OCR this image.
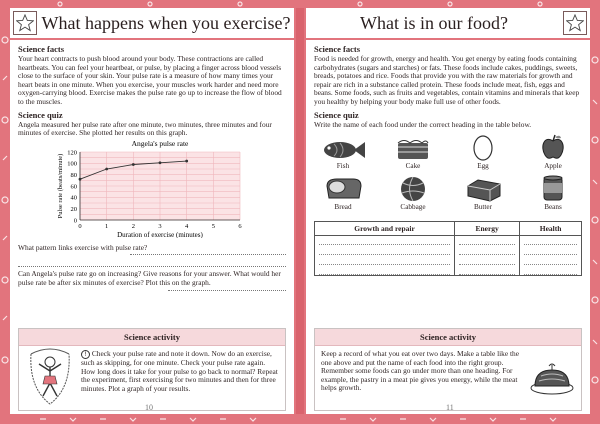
What happens when you exercise?
Science facts

Your heart contracts to push blood around your body. These contractions are called heartbeats. You can feel your heartbeat, or pulse, by placing a finger across blood vessels close to the surface of your skin. Your pulse rate is a measure of how many times your heart beats in one minute. When you exercise, your muscles work harder and need more oxygen-carrying blood. Exercise makes the pulse rate go up to increase the flow of blood to the muscles.

Science quiz

Angela measured her pulse rate after one minute, two minutes, three minutes and four minutes of exercise. She plotted her results on this graph.

0
20
40
60
80
100
120
0	1	2	3	4	5	6
Angela's pulse rate
Duration of exercise (minutes)
Pulse rate (beats/minute)

What pattern links exercise with pulse rate?

Can Angela's pulse rate go on increasing? Give reasons for your answer. What would her pulse rate be after six minutes of exercise? Plot this on the graph.

Science activity
! Check your pulse rate and note it down. Now do an exercise, such as skipping, for one minute. Check your pulse rate again. How long does it take for your pulse to go back to normal? Repeat the experiment, first exercising for two minutes and then for three minutes. Plot a graph of your results.
10
What is in our food?
Science facts

Food is needed for growth, energy and health. You get energy by eating foods containing carbohydrates (sugars and starches) or fats. These foods include cakes, puddings, sweets, breads, potatoes and rice. Foods that provide you with the raw materials for growth and repair are rich in a substance called protein. These foods include meat, fish, eggs and beans. Some foods, such as fruits and vegetables, contain vitamins and minerals that keep you healthy by helping your body make full use of other foods.

Science quiz

Write the name of each food under the correct heading in the table below.

Fish	Cake	Egg	Apple
Bread	Cabbage	Butter	Beans
Growth and repair	Energy	Health

Science activity
Keep a record of what you eat over two days. Make a table like the one above and put the name of each food into the right group. Remember some foods can go under more than one heading. For example, the pastry in a meat pie gives you energy, while the meat helps growth.
11
